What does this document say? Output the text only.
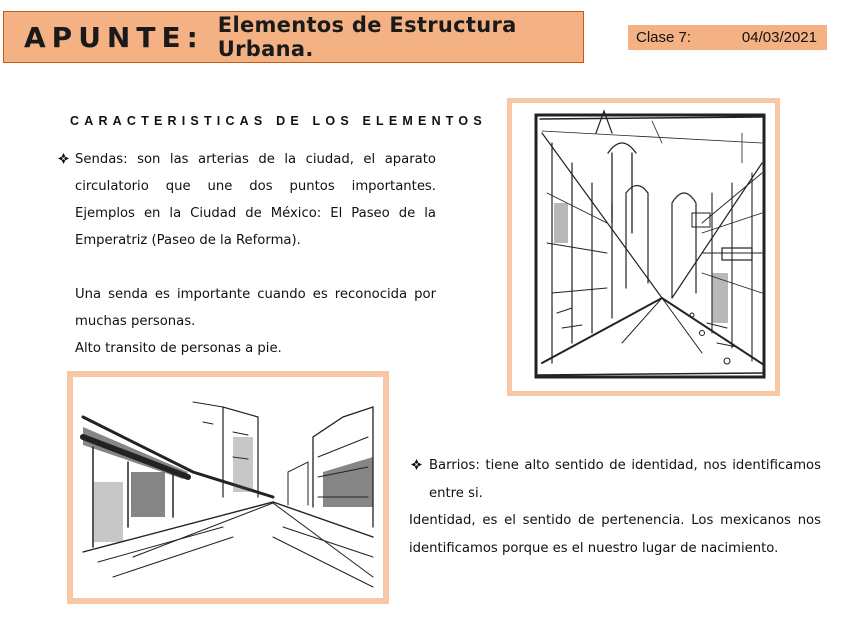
APUNTE: Elementos de Estructura Urbana.	Clase 7:	04/03/2021
CARACTERISTICAS DE LOS ELEMENTOS
Sendas: son las arterias de la ciudad, el aparato circulatorio que une dos puntos importantes. Ejemplos en la Ciudad de México: El Paseo de la Emperatriz (Paseo de la Reforma).
Una senda es importante cuando es reconocida por muchas personas.
Alto transito de personas a pie.
Barrios: tiene alto sentido de identidad, nos identificamos entre si.
Identidad, es el sentido de pertenencia. Los mexicanos nos identificamos porque es el nuestro lugar de nacimiento.
